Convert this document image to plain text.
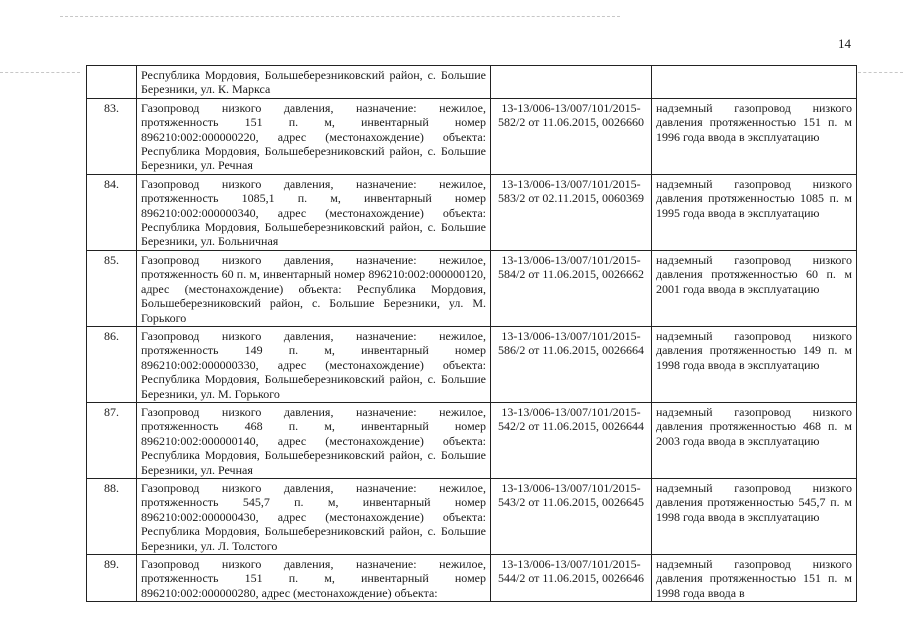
14
	Республика Мордовия, Большеберезниковский район, с. Большие Березники, ул. К. Маркса		
83.	Газопровод низкого давления, назначение: нежилое, протяженность 151 п. м, инвентарный номер 896210:002:000000220, адрес (местонахождение) объекта: Республика Мордовия, Большеберезниковский район, с. Большие Березники, ул. Речная	13-13/006-13/007/101/2015-582/2 от 11.06.2015, 0026660	надземный газопровод низкого давления протяженностью 151 п. м 1996 года ввода в эксплуатацию
84.	Газопровод низкого давления, назначение: нежилое, протяженность 1085,1 п. м, инвентарный номер 896210:002:000000340, адрес (местонахождение) объекта: Республика Мордовия, Большеберезниковский район, с. Большие Березники, ул. Больничная	13-13/006-13/007/101/2015-583/2 от 02.11.2015, 0060369	надземный газопровод низкого давления протяженностью 1085 п. м 1995 года ввода в эксплуатацию
85.	Газопровод низкого давления, назначение: нежилое, протяженность 60 п. м, инвентарный номер 896210:002:000000120, адрес (местонахождение) объекта: Республика Мордовия, Большеберезниковский район, с. Большие Березники, ул. М. Горького	13-13/006-13/007/101/2015-584/2 от 11.06.2015, 0026662	надземный газопровод низкого давления протяженностью 60 п. м 2001 года ввода в эксплуатацию
86.	Газопровод низкого давления, назначение: нежилое, протяженность 149 п. м, инвентарный номер 896210:002:000000330, адрес (местонахождение) объекта: Республика Мордовия, Большеберезниковский район, с. Большие Березники, ул. М. Горького	13-13/006-13/007/101/2015-586/2 от 11.06.2015, 0026664	надземный газопровод низкого давления протяженностью 149 п. м 1998 года ввода в эксплуатацию
87.	Газопровод низкого давления, назначение: нежилое, протяженность 468 п. м, инвентарный номер 896210:002:000000140, адрес (местонахождение) объекта: Республика Мордовия, Большеберезниковский район, с. Большие Березники, ул. Речная	13-13/006-13/007/101/2015-542/2 от 11.06.2015, 0026644	надземный газопровод низкого давления протяженностью 468 п. м 2003 года ввода в эксплуатацию
88.	Газопровод низкого давления, назначение: нежилое, протяженность 545,7 п. м, инвентарный номер 896210:002:000000430, адрес (местонахождение) объекта: Республика Мордовия, Большеберезниковский район, с. Большие Березники, ул. Л. Толстого	13-13/006-13/007/101/2015-543/2 от 11.06.2015, 0026645	надземный газопровод низкого давления протяженностью 545,7 п. м 1998 года ввода в эксплуатацию
89.	Газопровод низкого давления, назначение: нежилое, протяженность 151 п. м, инвентарный номер 896210:002:000000280, адрес (местонахождение) объекта:	13-13/006-13/007/101/2015-544/2 от 11.06.2015, 0026646	надземный газопровод низкого давления протяженностью 151 п. м 1998 года ввода в
